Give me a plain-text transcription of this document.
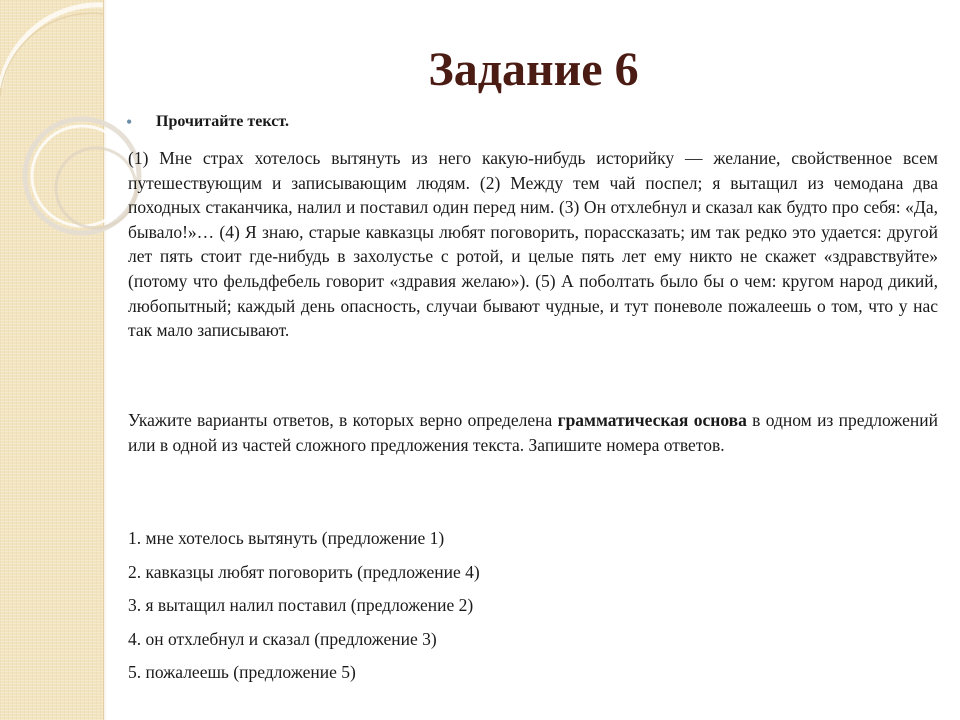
Задание 6
• Прочитайте текст.

(1) Мне страх хотелось вытянуть из него какую-нибудь историйку — желание, свойственное всем путешествующим и записывающим людям. (2) Между тем чай поспел; я вытащил из чемодана два походных стаканчика, налил и поставил один перед ним. (3) Он отхлебнул и сказал как будто про себя: «Да, бывало!»… (4) Я знаю, старые кавказцы любят поговорить, порассказать; им так редко это удается: другой лет пять стоит где-нибудь в захолустье с ротой, и целые пять лет ему никто не скажет «здравствуйте» (потому что фельдфебель говорит «здравия желаю»). (5) А поболтать было бы о чем: кругом народ дикий, любопытный; каждый день опасность, случаи бывают чудные, и тут поневоле пожалеешь о том, что у нас так мало записывают.

Укажите варианты ответов, в которых верно определена грамматическая основа в одном из предложений или в одной из частей сложного предложения текста. Запишите номера ответов.

1. мне хотелось вытянуть (предложение 1)
2. кавказцы любят поговорить (предложение 4)
3. я вытащил налил поставил (предложение 2)
4. он отхлебнул и сказал (предложение 3)
5. пожалеешь (предложение 5)
